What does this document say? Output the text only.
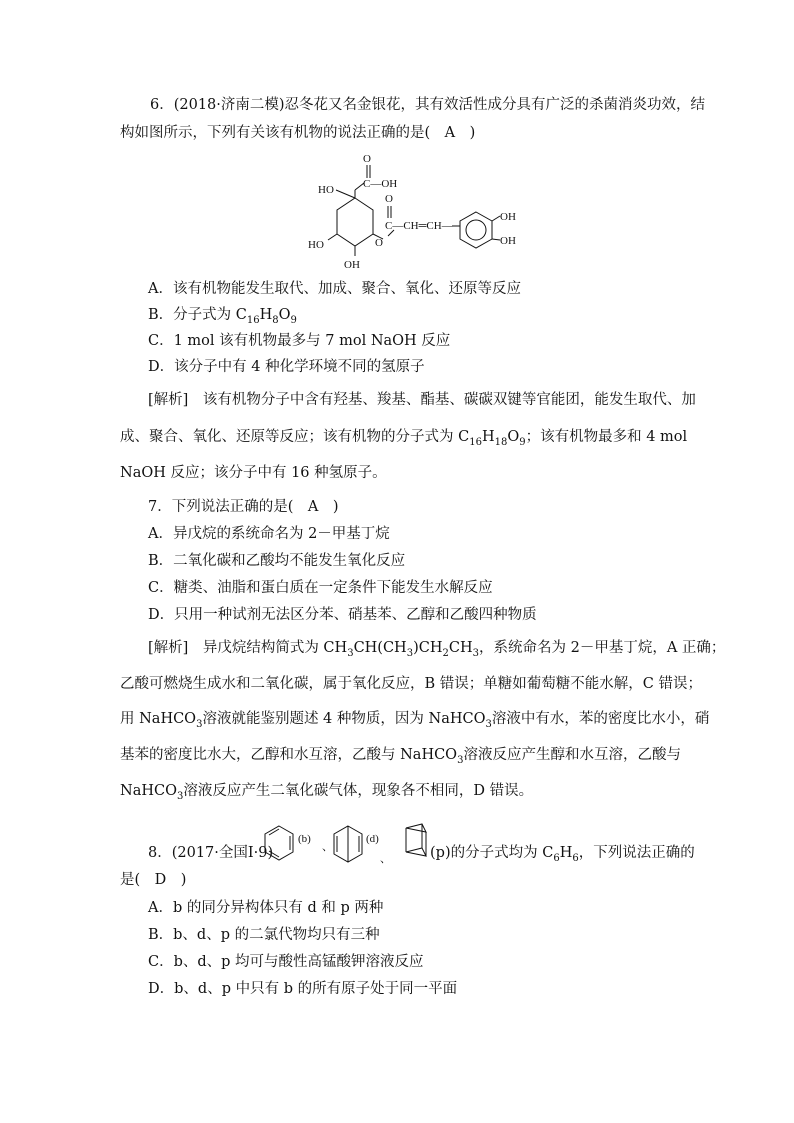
6．(2018·济南二模)忍冬花又名金银花，其有效活性成分具有广泛的杀菌消炎功效，结
构如图所示，下列有关该有机物的说法正确的是(　A　)
O
C—OH
HO
O
O
C—CH═CH—
OH
OH
HO
OH
A．该有机物能发生取代、加成、聚合、氧化、还原等反应
B．分子式为 $C_{16}H_8O_9$
C．1 mol 该有机物最多与 7 mol NaOH 反应
D．该分子中有 4 种化学环境不同的氢原子
[解析]　该有机物分子中含有羟基、羧基、酯基、碳碳双键等官能团，能发生取代、加
成、聚合、氧化、还原等反应；该有机物的分子式为 $C_{16}H_{18}O_9$；该有机物最多和 4 mol
NaOH 反应；该分子中有 16 种氢原子。
7．下列说法正确的是(　A　)
A．异戊烷的系统命名为 2－甲基丁烷
B．二氧化碳和乙酸均不能发生氧化反应
C．糖类、油脂和蛋白质在一定条件下能发生水解反应
D．只用一种试剂无法区分苯、硝基苯、乙醇和乙酸四种物质
[解析]　异戊烷结构简式为 $CH_3CH(CH_3)CH_2CH_3$，系统命名为 2－甲基丁烷，A 正确；
乙酸可燃烧生成水和二氧化碳，属于氧化反应，B 错误；单糖如葡萄糖不能水解，C 错误；
用 NaHCO$_3$溶液就能鉴别题述 4 种物质，因为 NaHCO$_3$溶液中有水，苯的密度比水小，硝
基苯的密度比水大，乙醇和水互溶，乙酸与 NaHCO$_3$溶液反应产生醇和水互溶，乙酸与
NaHCO$_3$溶液反应产生二氧化碳气体，现象各不相同，D 错误。
8．(2017·全国Ⅰ·9)
(b)
、
(d)
、	(p)的分子式均为 $C_6H_6$，下列说法正确的
是(　D　)
A．b 的同分异构体只有 d 和 p 两种
B．b、d、p 的二氯代物均只有三种
C．b、d、p 均可与酸性高锰酸钾溶液反应
D．b、d、p 中只有 b 的所有原子处于同一平面
